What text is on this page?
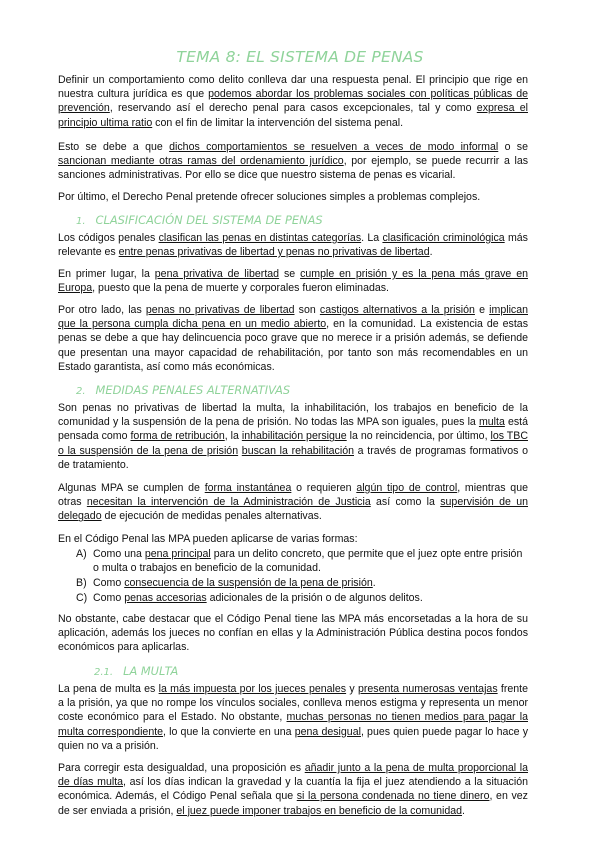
TEMA 8: EL SISTEMA DE PENAS
Definir un comportamiento como delito conlleva dar una respuesta penal. El principio que rige en nuestra cultura jurídica es que podemos abordar los problemas sociales con políticas públicas de prevención, reservando así el derecho penal para casos excepcionales, tal y como expresa el principio ultima ratio con el fin de limitar la intervención del sistema penal.
Esto se debe a que dichos comportamientos se resuelven a veces de modo informal o se sancionan mediante otras ramas del ordenamiento jurídico, por ejemplo, se puede recurrir a las sanciones administrativas. Por ello se dice que nuestro sistema de penas es vicarial.
Por último, el Derecho Penal pretende ofrecer soluciones simples a problemas complejos.
1. CLASIFICACIÓN DEL SISTEMA DE PENAS
Los códigos penales clasifican las penas en distintas categorías. La clasificación criminológica más relevante es entre penas privativas de libertad y penas no privativas de libertad.
En primer lugar, la pena privativa de libertad se cumple en prisión y es la pena más grave en Europa, puesto que la pena de muerte y corporales fueron eliminadas.
Por otro lado, las penas no privativas de libertad son castigos alternativos a la prisión e implican que la persona cumpla dicha pena en un medio abierto, en la comunidad. La existencia de estas penas se debe a que hay delincuencia poco grave que no merece ir a prisión además, se defiende que presentan una mayor capacidad de rehabilitación, por tanto son más recomendables en un Estado garantista, así como más económicas.
2. MEDIDAS PENALES ALTERNATIVAS
Son penas no privativas de libertad la multa, la inhabilitación, los trabajos en beneficio de la comunidad y la suspensión de la pena de prisión. No todas las MPA son iguales, pues la multa está pensada como forma de retribución, la inhabilitación persigue la no reincidencia, por último, los TBC o la suspensión de la pena de prisión buscan la rehabilitación a través de programas formativos o de tratamiento.
Algunas MPA se cumplen de forma instantánea o requieren algún tipo de control, mientras que otras necesitan la intervención de la Administración de Justicia así como la supervisión de un delegado de ejecución de medidas penales alternativas.
En el Código Penal las MPA pueden aplicarse de varias formas:
A) Como una pena principal para un delito concreto, que permite que el juez opte entre prisión o multa o trabajos en beneficio de la comunidad.
B) Como consecuencia de la suspensión de la pena de prisión.
C) Como penas accesorias adicionales de la prisión o de algunos delitos.
No obstante, cabe destacar que el Código Penal tiene las MPA más encorsetadas a la hora de su aplicación, además los jueces no confían en ellas y la Administración Pública destina pocos fondos económicos para aplicarlas.
2.1. LA MULTA
La pena de multa es la más impuesta por los jueces penales y presenta numerosas ventajas frente a la prisión, ya que no rompe los vínculos sociales, conlleva menos estigma y representa un menor coste económico para el Estado. No obstante, muchas personas no tienen medios para pagar la multa correspondiente, lo que la convierte en una pena desigual, pues quien puede pagar lo hace y quien no va a prisión.
Para corregir esta desigualdad, una proposición es añadir junto a la pena de multa proporcional la de días multa, así los días indican la gravedad y la cuantía la fija el juez atendiendo a la situación económica. Además, el Código Penal señala que si la persona condenada no tiene dinero, en vez de ser enviada a prisión, el juez puede imponer trabajos en beneficio de la comunidad.
